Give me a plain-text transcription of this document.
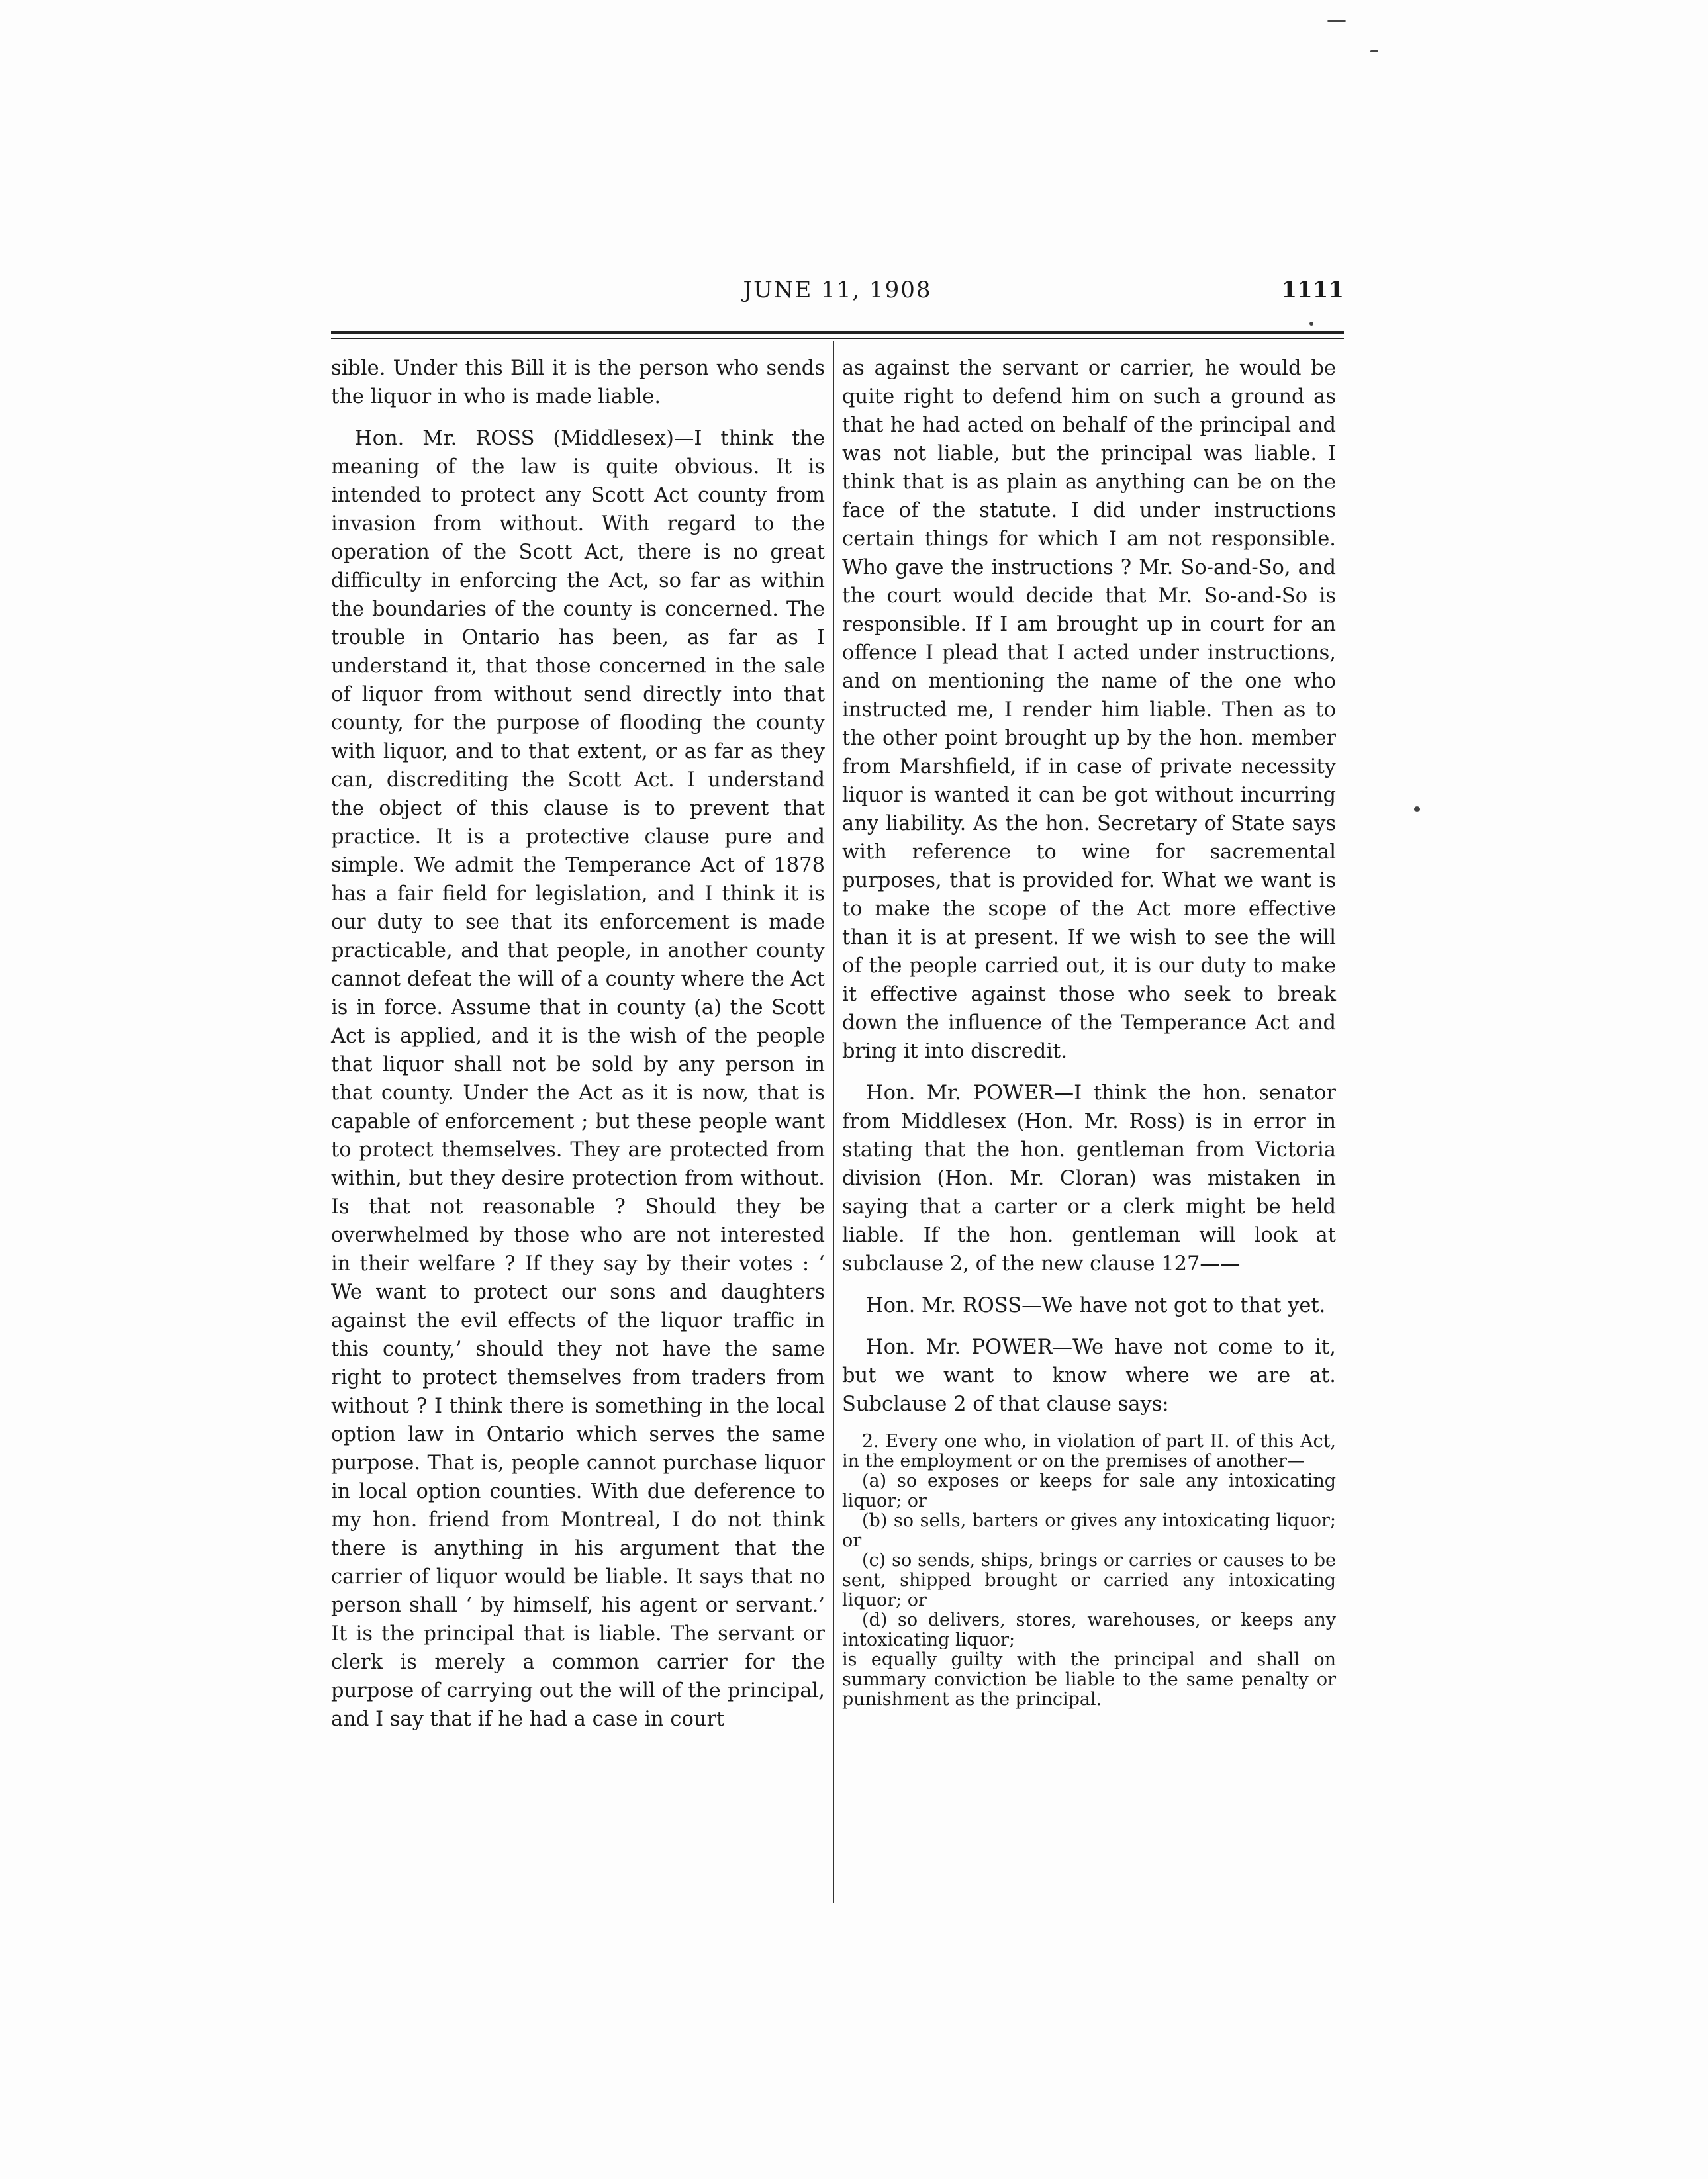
JUNE 11, 1908	1111

sible. Under this Bill it is the person who sends the liquor in who is made liable.

Hon. Mr. ROSS (Middlesex)—I think the meaning of the law is quite obvious. It is intended to protect any Scott Act county from invasion from without. With regard to the operation of the Scott Act, there is no great difficulty in enforcing the Act, so far as within the boundaries of the county is concerned. The trouble in Ontario has been, as far as I understand it, that those concerned in the sale of liquor from without send directly into that county, for the purpose of flooding the county with liquor, and to that extent, or as far as they can, discrediting the Scott Act. I understand the object of this clause is to prevent that practice. It is a protective clause pure and simple. We admit the Temperance Act of 1878 has a fair field for legislation, and I think it is our duty to see that its enforcement is made practicable, and that people, in another county cannot defeat the will of a county where the Act is in force. Assume that in county (a) the Scott Act is applied, and it is the wish of the people that liquor shall not be sold by any person in that county. Under the Act as it is now, that is capable of enforcement ; but these people want to protect themselves. They are protected from within, but they desire protection from without. Is that not reasonable ? Should they be overwhelmed by those who are not interested in their welfare ? If they say by their votes : ‘ We want to protect our sons and daughters against the evil effects of the liquor traffic in this county,’ should they not have the same right to protect themselves from traders from without ? I think there is something in the local option law in Ontario which serves the same purpose. That is, people cannot purchase liquor in local option counties. With due deference to my hon. friend from Montreal, I do not think there is anything in his argument that the carrier of liquor would be liable. It says that no person shall ‘ by himself, his agent or servant.’ It is the principal that is liable. The servant or clerk is merely a common carrier for the purpose of carrying out the will of the principal, and I say that if he had a case in court

as against the servant or carrier, he would be quite right to defend him on such a ground as that he had acted on behalf of the principal and was not liable, but the principal was liable. I think that is as plain as anything can be on the face of the statute. I did under instructions certain things for which I am not responsible. Who gave the instructions ? Mr. So-and-So, and the court would decide that Mr. So-and-So is responsible. If I am brought up in court for an offence I plead that I acted under instructions, and on mentioning the name of the one who instructed me, I render him liable. Then as to the other point brought up by the hon. member from Marshfield, if in case of private necessity liquor is wanted it can be got without incurring any liability. As the hon. Secretary of State says with reference to wine for sacremental purposes, that is provided for. What we want is to make the scope of the Act more effective than it is at present. If we wish to see the will of the people carried out, it is our duty to make it effective against those who seek to break down the influence of the Temperance Act and bring it into discredit.

Hon. Mr. POWER—I think the hon. senator from Middlesex (Hon. Mr. Ross) is in error in stating that the hon. gentleman from Victoria division (Hon. Mr. Cloran) was mistaken in saying that a carter or a clerk might be held liable. If the hon. gentleman will look at subclause 2, of the new clause 127——

Hon. Mr. ROSS—We have not got to that yet.

Hon. Mr. POWER—We have not come to it, but we want to know where we are at. Subclause 2 of that clause says:

2. Every one who, in violation of part II. of this Act, in the employment or on the premises of another—

(a) so exposes or keeps for sale any intoxicating liquor; or

(b) so sells, barters or gives any intoxicating liquor; or

(c) so sends, ships, brings or carries or causes to be sent, shipped brought or carried any intoxicating liquor; or

(d) so delivers, stores, warehouses, or keeps any intoxicating liquor;

is equally guilty with the principal and shall on summary conviction be liable to the same penalty or punishment as the principal.
